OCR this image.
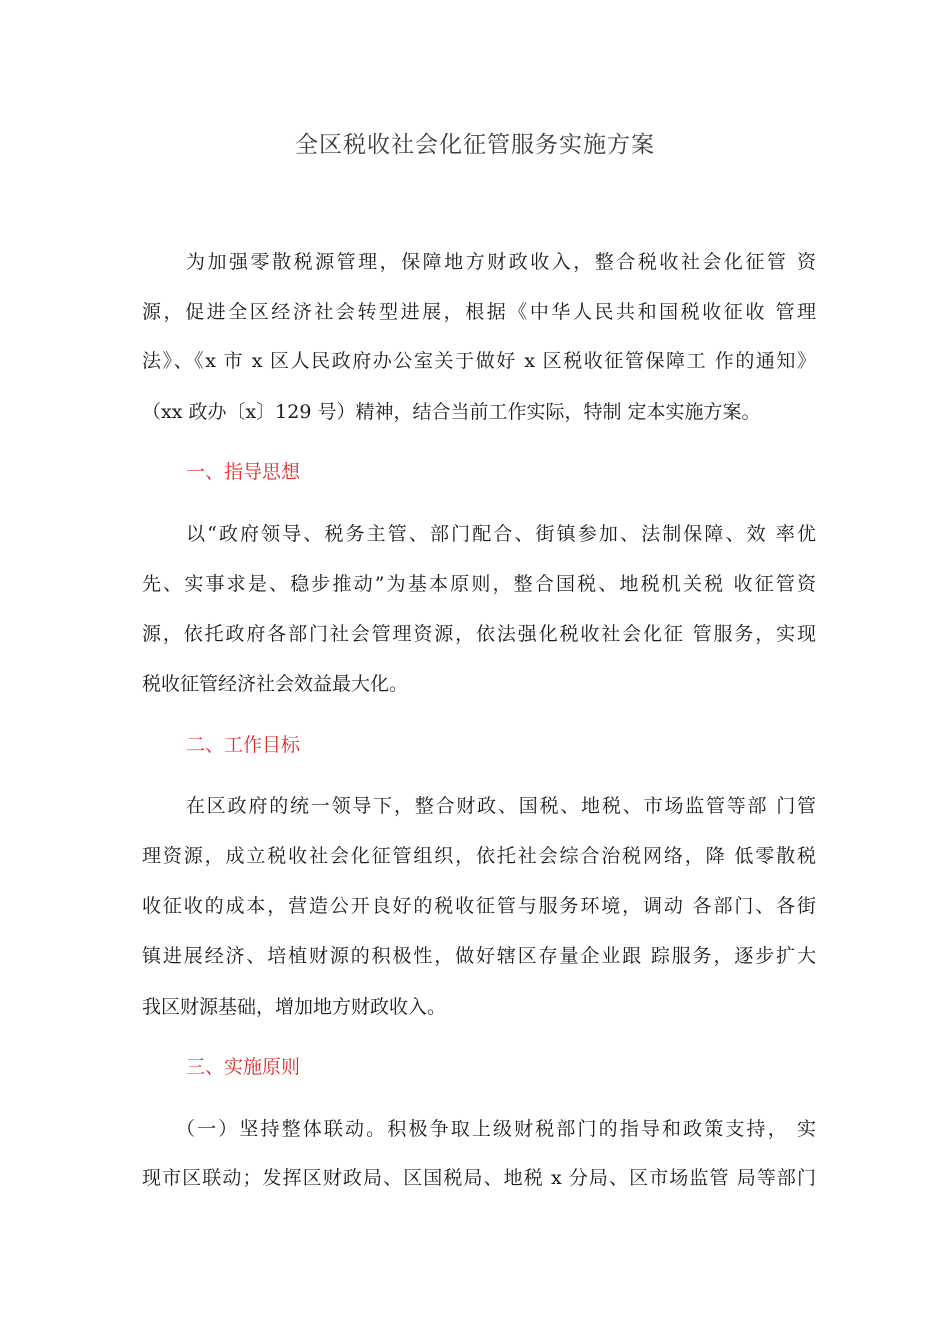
全区税收社会化征管服务实施方案
为加强零散税源管理，保障地方财政收入，整合税收社会化征管 资
源，促进全区经济社会转型进展，根据《中华人民共和国税收征收 管理
法》、《x 市 x 区人民政府办公室关于做好 x 区税收征管保障工 作的通知》
（xx 政办〔x〕129 号）精神，结合当前工作实际，特制 定本实施方案。
一、指导思想
以“政府领导、税务主管、部门配合、街镇参加、法制保障、效 率优
先、实事求是、稳步推动”为基本原则，整合国税、地税机关税 收征管资
源，依托政府各部门社会管理资源，依法强化税收社会化征 管服务，实现
税收征管经济社会效益最大化。
二、工作目标
在区政府的统一领导下，整合财政、国税、地税、市场监管等部 门管
理资源，成立税收社会化征管组织，依托社会综合治税网络，降 低零散税
收征收的成本，营造公开良好的税收征管与服务环境，调动 各部门、各街
镇进展经济、培植财源的积极性，做好辖区存量企业跟 踪服务，逐步扩大
我区财源基础，增加地方财政收入。
三、实施原则
（一）坚持整体联动。积极争取上级财税部门的指导和政策支持， 实
现市区联动；发挥区财政局、区国税局、地税 x 分局、区市场监管 局等部门
